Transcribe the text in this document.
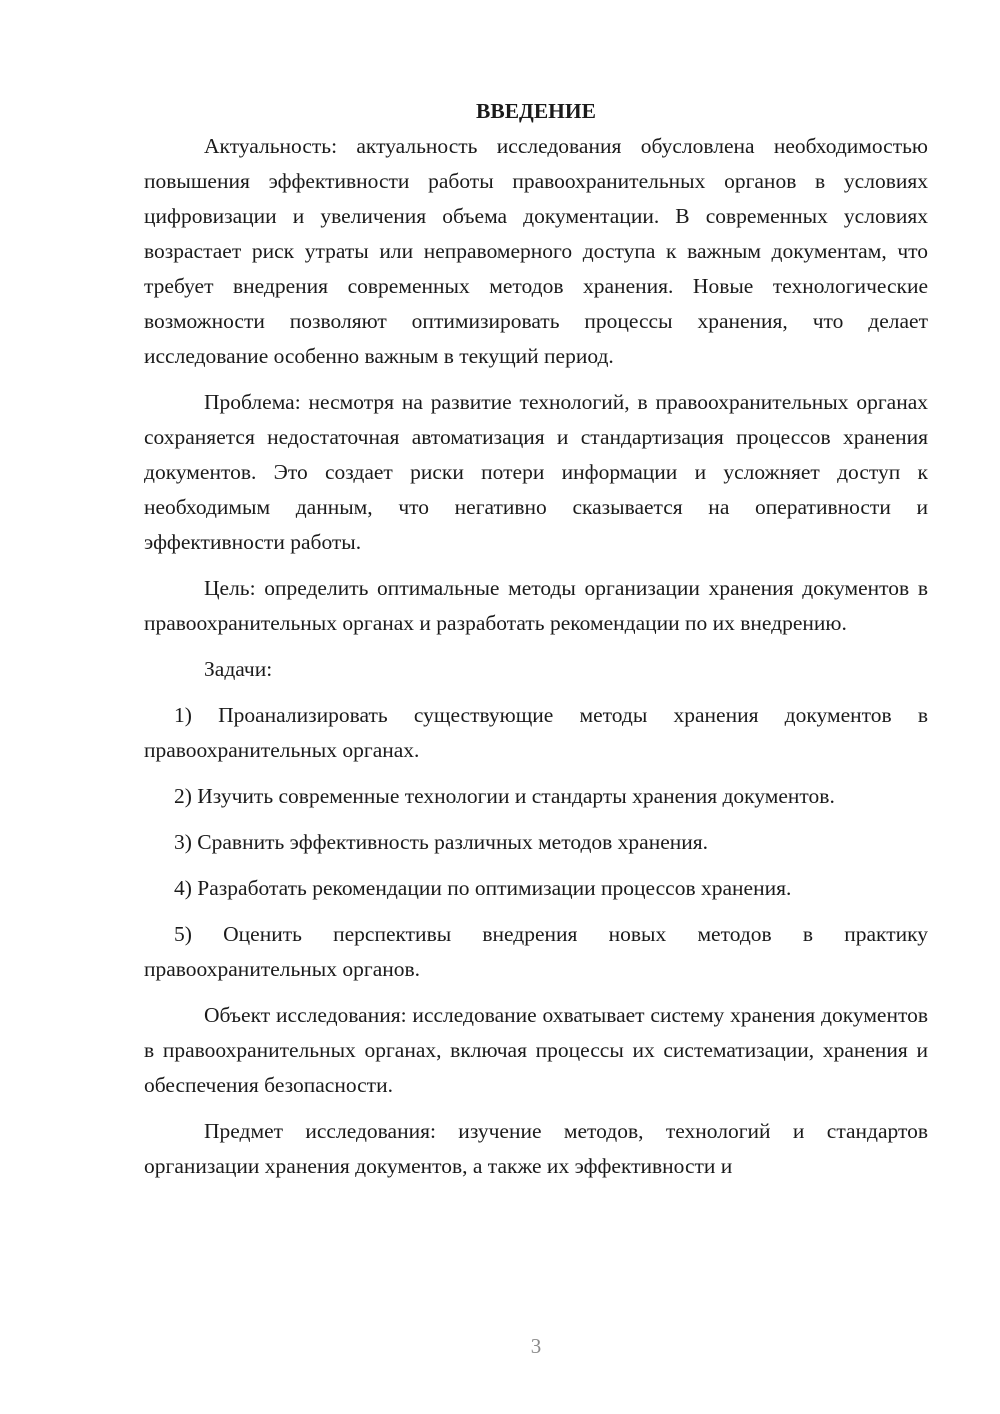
ВВЕДЕНИЕ

Актуальность: актуальность исследования обусловлена необходимостью повышения эффективности работы правоохранительных органов в условиях цифровизации и увеличения объема документации. В современных условиях возрастает риск утраты или неправомерного доступа к важным документам, что требует внедрения современных методов хранения. Новые технологические возможности позволяют оптимизировать процессы хранения, что делает исследование особенно важным в текущий период.

Проблема: несмотря на развитие технологий, в правоохранительных органах сохраняется недостаточная автоматизация и стандартизация процессов хранения документов. Это создает риски потери информации и усложняет доступ к необходимым данным, что негативно сказывается на оперативности и эффективности работы.

Цель: определить оптимальные методы организации хранения документов в правоохранительных органах и разработать рекомендации по их внедрению.

Задачи:

1) Проанализировать существующие методы хранения документов в правоохранительных органах.

2) Изучить современные технологии и стандарты хранения документов.

3) Сравнить эффективность различных методов хранения.

4) Разработать рекомендации по оптимизации процессов хранения.

5) Оценить перспективы внедрения новых методов в практику правоохранительных органов.

Объект исследования: исследование охватывает систему хранения документов в правоохранительных органах, включая процессы их систематизации, хранения и обеспечения безопасности.

Предмет исследования: изучение методов, технологий и стандартов организации хранения документов, а также их эффективности и

3
